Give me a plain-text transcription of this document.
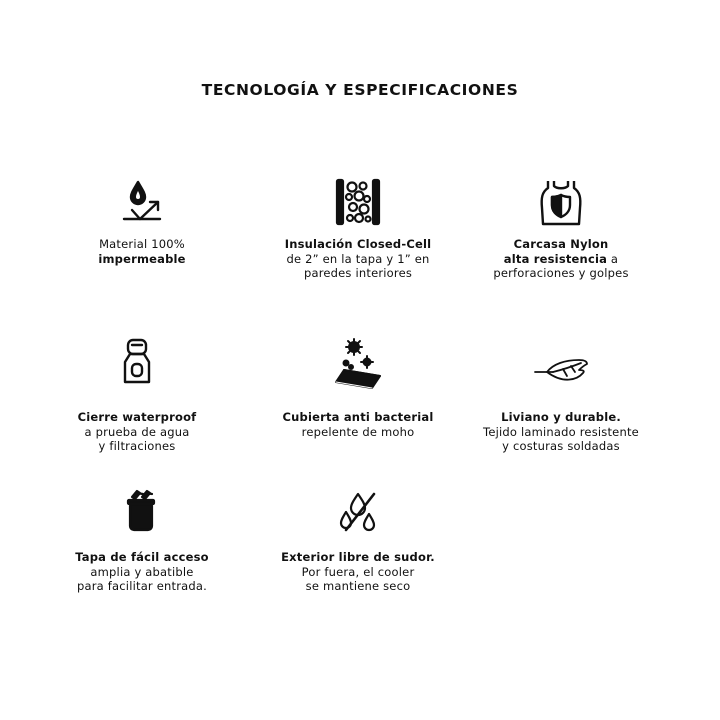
TECNOLOGÍA Y ESPECIFICACIONES
Material 100%
impermeable
Insulación Closed-Cell
de 2” en la tapa y 1” en
paredes interiores
Carcasa Nylon
alta resistencia a
perforaciones y golpes
Cierre waterproof
a prueba de agua
y filtraciones
Cubierta anti bacterial
repelente de moho
Liviano y durable.
Tejido laminado resistente
y costuras soldadas
Tapa de fácil acceso
amplia y abatible
para facilitar entrada.
Exterior libre de sudor.
Por fuera, el cooler
se mantiene seco
